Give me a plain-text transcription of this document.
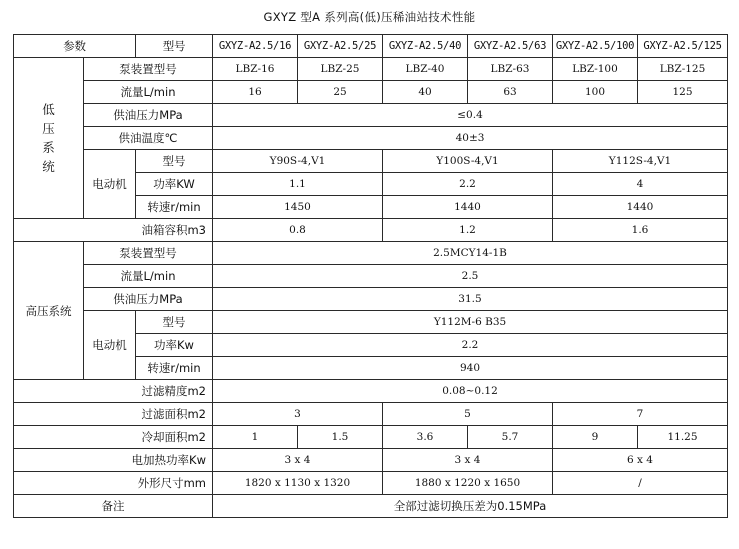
GXYZ 型A 系列高(低)压稀油站技术性能
参数		型号	GXYZ-A2.5/16	GXYZ-A2.5/25	GXYZ-A2.5/40	GXYZ-A2.5/63	GXYZ-A2.5/100	GXYZ-A2.5/125
低压系统	泵装置型号		LBZ-16	LBZ-25	LBZ-40	LBZ-63	LBZ-100	LBZ-125
	流量L/min		16	25	40	63	100	125
	供油压力MPa		≤0.4					
	供油温度℃		40±3					
	电动机	型号	Y90S-4,V1		Y100S-4,V1		Y112S-4,V1	
		功率KW	1.1		2.2		4	
		转速r/min	1450		1440		1440	
油箱容积m3			0.8		1.2		1.6	
高压系统	泵装置型号		2.5MCY14-1B					
	流量L/min		2.5					
	供油压力MPa		31.5					
	电动机	型号	Y112M-6 B35					
		功率Kw	2.2					
		转速r/min	940					
过滤精度m2			0.08~0.12					
过滤面积m2			3		5		7	
冷却面积m2			1	1.5	3.6	5.7	9	11.25
电加热功率Kw			3 x 4		3 x 4		6 x 4	
外形尺寸mm			1820 x 1130 x 1320		1880 x 1220 x 1650		/	
备注			全部过滤切换压差为0.15MPa					
